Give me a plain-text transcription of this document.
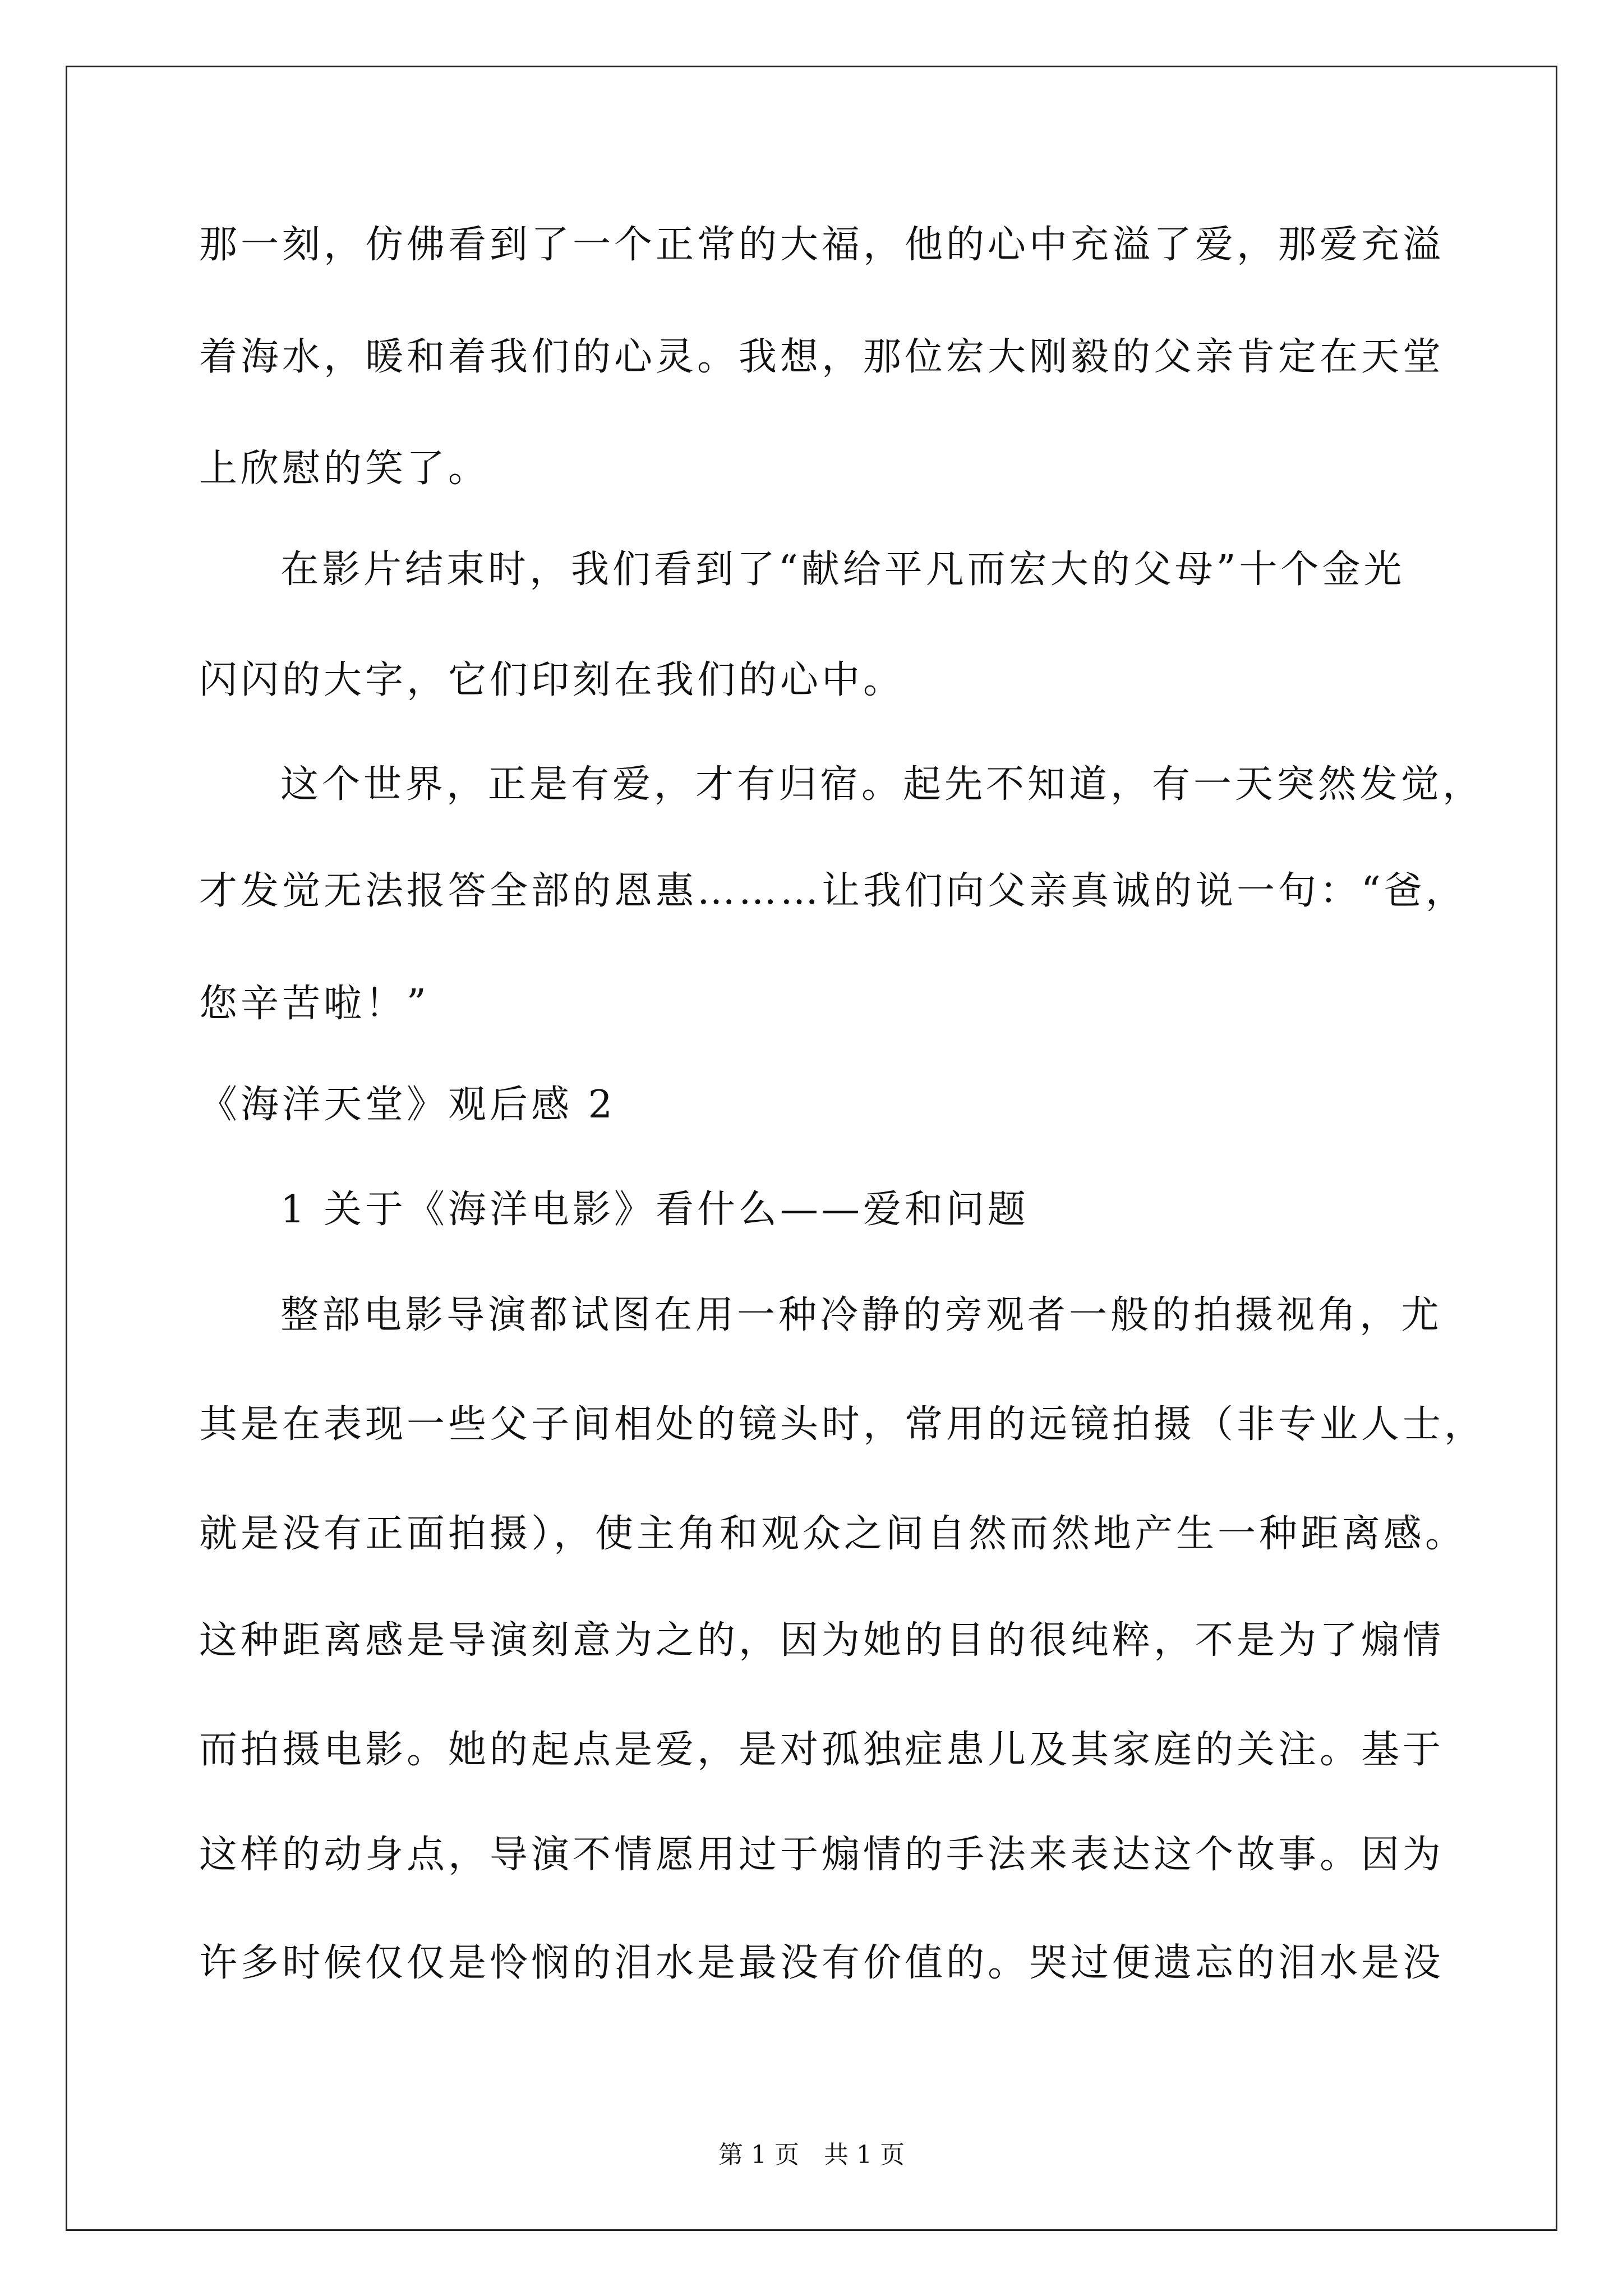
那一刻，仿佛看到了一个正常的大福，他的心中充溢了爱，那爱充溢
着海水，暖和着我们的心灵。我想，那位宏大刚毅的父亲肯定在天堂
上欣慰的笑了。
在影片结束时，我们看到了“献给平凡而宏大的父母”十个金光
闪闪的大字，它们印刻在我们的心中。
这个世界，正是有爱，才有归宿。起先不知道，有一天突然发觉，
才发觉无法报答全部的恩惠………让我们向父亲真诚的说一句：“爸，
您辛苦啦！”
《海洋天堂》观后感 2
1 关于《海洋电影》看什么——爱和问题
整部电影导演都试图在用一种冷静的旁观者一般的拍摄视角，尤
其是在表现一些父子间相处的镜头时，常用的远镜拍摄（非专业人士，
就是没有正面拍摄），使主角和观众之间自然而然地产生一种距离感。
这种距离感是导演刻意为之的，因为她的目的很纯粹，不是为了煽情
而拍摄电影。她的起点是爱，是对孤独症患儿及其家庭的关注。基于
这样的动身点，导演不情愿用过于煽情的手法来表达这个故事。因为
许多时候仅仅是怜悯的泪水是最没有价值的。哭过便遗忘的泪水是没
第 1 页　共 1 页
